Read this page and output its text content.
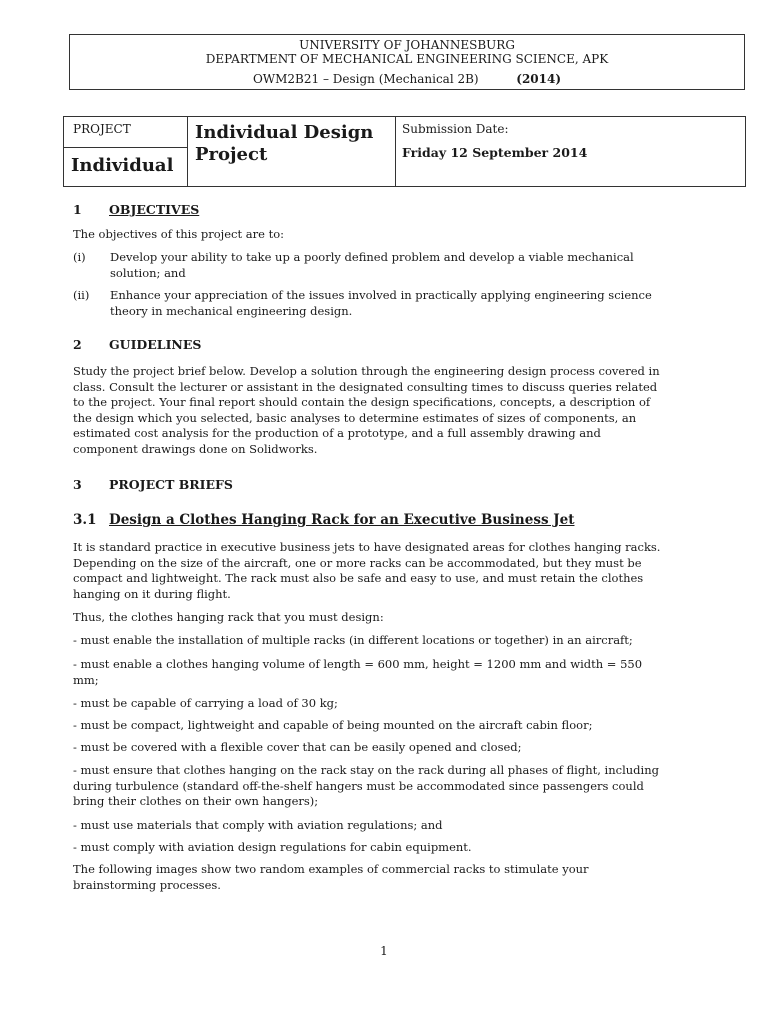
UNIVERSITY OF JOHANNESBURG
DEPARTMENT OF MECHANICAL ENGINEERING SCIENCE, APK
OWM2B21 – Design (Mechanical 2B)	(2014)
PROJECT
Individual
Individual Design
Project
Submission Date:
Friday 12 September 2014
1 OBJECTIVES
The objectives of this project are to:
(i) Develop your ability to take up a poorly defined problem and develop a viable mechanical
solution; and
(ii) Enhance your appreciation of the issues involved in practically applying engineering science
theory in mechanical engineering design.
2 GUIDELINES
Study the project brief below. Develop a solution through the engineering design process covered in
class. Consult the lecturer or assistant in the designated consulting times to discuss queries related
to the project. Your final report should contain the design specifications, concepts, a description of
the design which you selected, basic analyses to determine estimates of sizes of components, an
estimated cost analysis for the production of a prototype, and a full assembly drawing and
component drawings done on Solidworks.
3 PROJECT BRIEFS
3.1 Design a Clothes Hanging Rack for an Executive Business Jet
It is standard practice in executive business jets to have designated areas for clothes hanging racks.
Depending on the size of the aircraft, one or more racks can be accommodated, but they must be
compact and lightweight. The rack must also be safe and easy to use, and must retain the clothes
hanging on it during flight.
Thus, the clothes hanging rack that you must design:
- must enable the installation of multiple racks (in different locations or together) in an aircraft;
- must enable a clothes hanging volume of length = 600 mm, height = 1200 mm and width = 550
mm;
- must be capable of carrying a load of 30 kg;
- must be compact, lightweight and capable of being mounted on the aircraft cabin floor;
- must be covered with a flexible cover that can be easily opened and closed;
- must ensure that clothes hanging on the rack stay on the rack during all phases of flight, including
during turbulence (standard off-the-shelf hangers must be accommodated since passengers could
bring their clothes on their own hangers);
- must use materials that comply with aviation regulations; and
- must comply with aviation design regulations for cabin equipment.
The following images show two random examples of commercial racks to stimulate your
brainstorming processes.
1
